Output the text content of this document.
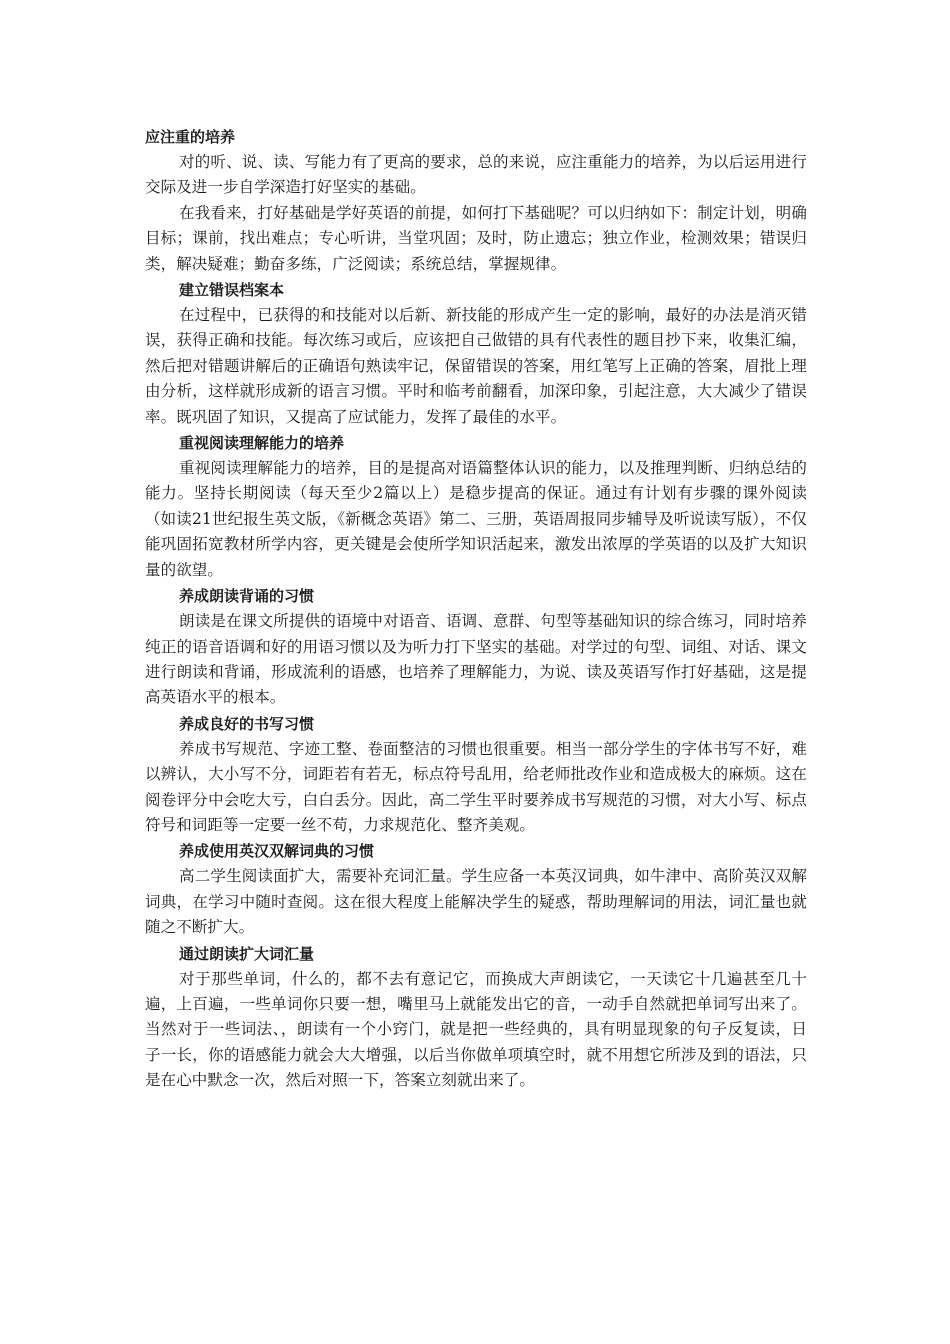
应注重的培养

对的听、说、读、写能力有了更高的要求，总的来说，应注重能力的培养，为以后运用进行交际及进一步自学深造打好坚实的基础。

在我看来，打好基础是学好英语的前提，如何打下基础呢？可以归纳如下：制定计划，明确目标；课前，找出难点；专心听讲，当堂巩固；及时，防止遗忘；独立作业，检测效果；错误归类，解决疑难；勤奋多练，广泛阅读；系统总结，掌握规律。

建立错误档案本

在过程中，已获得的和技能对以后新、新技能的形成产生一定的影响，最好的办法是消灭错误，获得正确和技能。每次练习或后，应该把自己做错的具有代表性的题目抄下来，收集汇编，然后把对错题讲解后的正确语句熟读牢记，保留错误的答案，用红笔写上正确的答案，眉批上理由分析，这样就形成新的语言习惯。平时和临考前翻看，加深印象，引起注意，大大减少了错误率。既巩固了知识，又提高了应试能力，发挥了最佳的水平。

重视阅读理解能力的培养

重视阅读理解能力的培养，目的是提高对语篇整体认识的能力，以及推理判断、归纳总结的能力。坚持长期阅读（每天至少2篇以上）是稳步提高的保证。通过有计划有步骤的课外阅读（如读21世纪报生英文版，《新概念英语》第二、三册，英语周报同步辅导及听说读写版），不仅能巩固拓宽教材所学内容，更关键是会使所学知识活起来，激发出浓厚的学英语的以及扩大知识量的欲望。

养成朗读背诵的习惯

朗读是在课文所提供的语境中对语音、语调、意群、句型等基础知识的综合练习，同时培养纯正的语音语调和好的用语习惯以及为听力打下坚实的基础。对学过的句型、词组、对话、课文进行朗读和背诵，形成流利的语感，也培养了理解能力，为说、读及英语写作打好基础，这是提高英语水平的根本。

养成良好的书写习惯

养成书写规范、字迹工整、卷面整洁的习惯也很重要。相当一部分学生的字体书写不好，难以辨认，大小写不分，词距若有若无，标点符号乱用，给老师批改作业和造成极大的麻烦。这在阅卷评分中会吃大亏，白白丢分。因此，高二学生平时要养成书写规范的习惯，对大小写、标点符号和词距等一定要一丝不苟，力求规范化、整齐美观。

养成使用英汉双解词典的习惯

高二学生阅读面扩大，需要补充词汇量。学生应备一本英汉词典，如牛津中、高阶英汉双解词典，在学习中随时查阅。这在很大程度上能解决学生的疑惑，帮助理解词的用法，词汇量也就随之不断扩大。

通过朗读扩大词汇量

对于那些单词，什么的，都不去有意记它，而换成大声朗读它，一天读它十几遍甚至几十遍，上百遍，一些单词你只要一想，嘴里马上就能发出它的音，一动手自然就把单词写出来了。当然对于一些词法、，朗读有一个小窍门，就是把一些经典的，具有明显现象的句子反复读，日子一长，你的语感能力就会大大增强，以后当你做单项填空时，就不用想它所涉及到的语法，只是在心中默念一次，然后对照一下，答案立刻就出来了。
